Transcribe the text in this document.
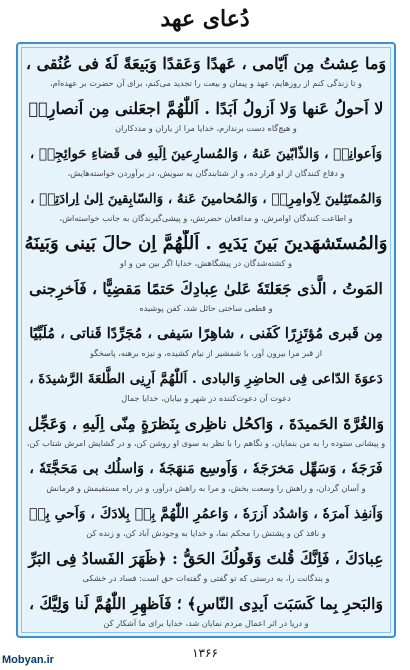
دُعای عهد
وَما عِشتُ مِن اَیّامی ، عَهدًا وَعَقدًا وَبَیعَةً لَهٗ فی عُنُقی ،
و تا زندگی کنم از روزهایم، عهد و پیمان و بیعت را تجدید می‌کنم، برای آن حضرت بر عهده‌ام،
لا اَحولُ عَنها وَلا اَزولُ اَبَدًا . اَللّٰهُمَّ اجعَلنی مِن اَنصارِهٖ
و هیچ‌گاه دست برندارم، خدایا مرا از یاران و مددکاران
وَاَعوانِهٖ ، وَالذّابّینَ عَنهُ ، وَالمُسارِعینَ اِلَیهِ فی قَضاءِ حَوائِجِهٖ ،
و دفاع کنندگان از او قرار ده، و از شتابندگان به سویش، در برآوردن خواسته‌هایش،
وَالمُمتَثِلینَ لِاَوامِرِهٖ ، وَالمُحامینَ عَنهُ ، وَالسّابِقینَ اِلیٰ اِرادَتِهٖ ،
و اطاعت کنندگان اوامرش، و مدافعان حضرتش، و پیشی‌گیرندگان به جانب خواسته‌اش،
وَالمُستَشهَدینَ بَینَ یَدَیهِ . اَللّٰهُمَّ اِن حالَ بَینی وَبَینَهُ
و کشته‌شدگان در پیشگاهش، خدایا اگر بین من و او
المَوتُ ، الَّذی جَعَلتَهٗ عَلیٰ عِبادِكَ حَتمًا مَقضِیًّا ، فَاَخرِجنی
و قطعی ساختی حائل شد، کفن پوشیده
مِن قَبری مُؤتَزِرًا كَفَنی ، شاهِرًا سَیفی ، مُجَرِّدًا قَناتی ، مُلَبِّیًا
از قبر مرا بیرون آور، با شمشیر از نیام کشیده، و نیزه برهنه، پاسخگو
دَعوَةَ الدّاعی فِی الحاضِرِ وَالبادی . اَللّٰهُمَّ اَرِنِی الطَّلعَةَ الرَّشیدَةَ ،
دعوت آن دعوت‌کننده در شهر و بیابان، خدایا جمال
وَالغُرَّةَ الحَمیدَةَ ، وَاكحُل ناظِری بِنَظرَةٍ مِنّی اِلَیهِ ، وَعَجِّل
و پیشانی ستوده را به من بنمایان، و نگاهم را با نظر به سوی او روشن کن، و در گشایش امرش شتاب کن،
فَرَجَهٗ ، وَسَهِّل مَخرَجَهٗ ، وَاَوسِع مَنهَجَهٗ ، وَاسلُك بی مَحَجَّتَهٗ ،
و آسان گردان، و راهش را وسعت بخش، و مرا به راهش درآور، و در راه مستقیمش و فرمانش
وَاَنفِذ اَمرَهٗ ، وَاشدُد اَزرَهٗ ، وَاعمُرِ اللّٰهُمَّ بِهٖ بِلادَكَ ، وَاَحیِ بِهٖ
و نافذ کن و پشتش را محکم نما، و خدایا به وجودش آباد کن، و زنده کن
عِبادَكَ ، فَاِنَّكَ قُلتَ وَقَولُكَ الحَقُّ : ﴿ظَهَرَ الفَسادُ فِی البَرِّ
و بندگانت را، به درستی که تو گفتی و گفته‌ات حق است: فساد در خشکی
وَالبَحرِ بِما كَسَبَت اَیدِی النّاسِ﴾ ؛ فَاَظهِرِ اللّٰهُمَّ لَنا وَلِیَّكَ ،
و دریا در اثر اعمال مردم نمایان شد، خدایا برای ما آشکار کن
۱۳۶۶
Mobyan.ir
